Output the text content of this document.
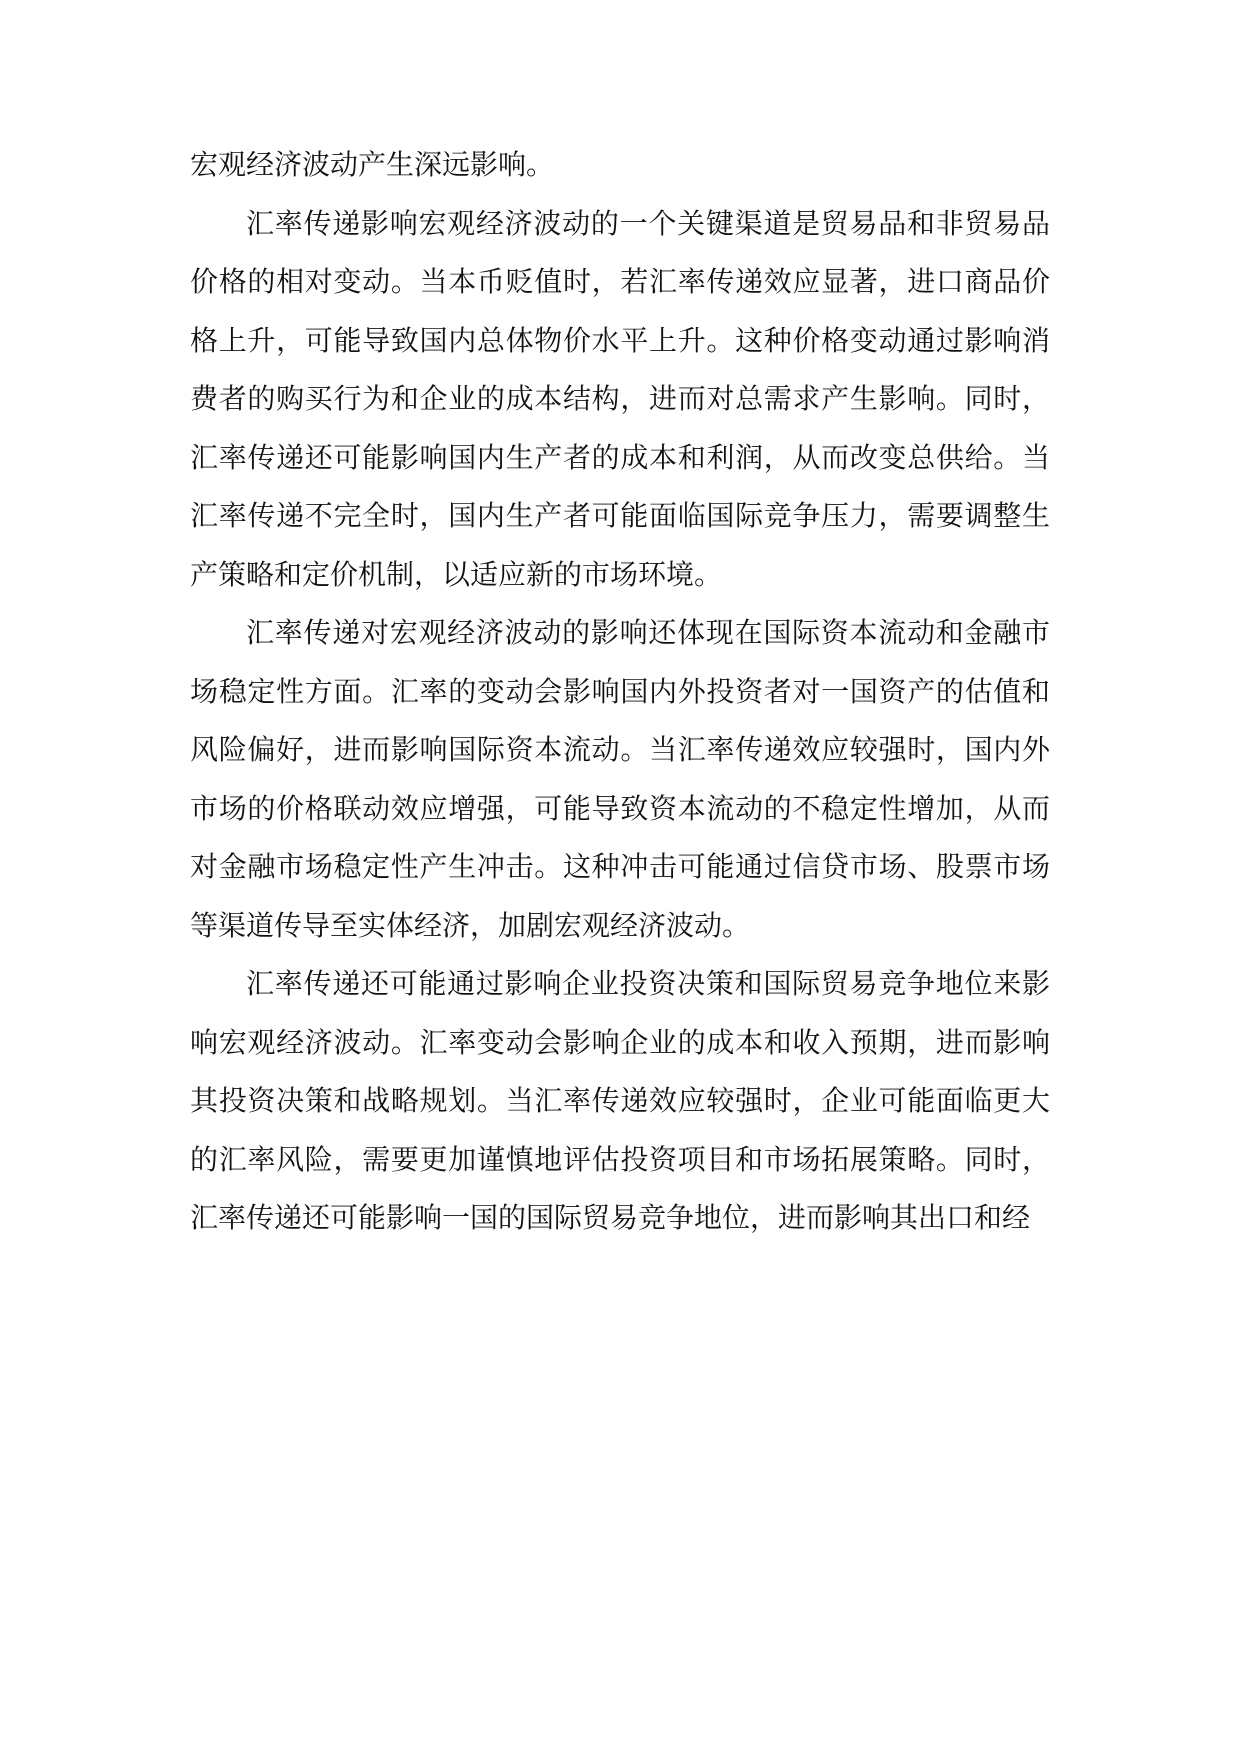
宏观经济波动产生深远影响。

汇率传递影响宏观经济波动的一个关键渠道是贸易品和非贸易品价格的相对变动。当本币贬值时，若汇率传递效应显著，进口商品价格上升，可能导致国内总体物价水平上升。这种价格变动通过影响消费者的购买行为和企业的成本结构，进而对总需求产生影响。同时，汇率传递还可能影响国内生产者的成本和利润，从而改变总供给。当汇率传递不完全时，国内生产者可能面临国际竞争压力，需要调整生产策略和定价机制，以适应新的市场环境。

汇率传递对宏观经济波动的影响还体现在国际资本流动和金融市场稳定性方面。汇率的变动会影响国内外投资者对一国资产的估值和风险偏好，进而影响国际资本流动。当汇率传递效应较强时，国内外市场的价格联动效应增强，可能导致资本流动的不稳定性增加，从而对金融市场稳定性产生冲击。这种冲击可能通过信贷市场、股票市场等渠道传导至实体经济，加剧宏观经济波动。

汇率传递还可能通过影响企业投资决策和国际贸易竞争地位来影响宏观经济波动。汇率变动会影响企业的成本和收入预期，进而影响其投资决策和战略规划。当汇率传递效应较强时，企业可能面临更大的汇率风险，需要更加谨慎地评估投资项目和市场拓展策略。同时，汇率传递还可能影响一国的国际贸易竞争地位，进而影响其出口和经
